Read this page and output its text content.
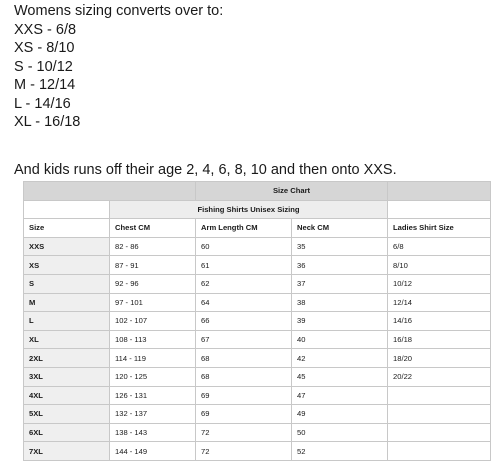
Womens sizing converts over to:
XXS - 6/8
XS - 8/10
S - 10/12
M - 12/14
L - 14/16
XL - 16/18
And kids runs off their age 2, 4, 6, 8, 10 and then onto XXS.
		Size Chart		
	Fishing Shirts Unisex Sizing			
Size	Chest CM	Arm Length CM	Neck CM	Ladies Shirt Size
XXS	82 - 86	60	35	6/8
XS	87 - 91	61	36	8/10
S	92 - 96	62	37	10/12
M	97 - 101	64	38	12/14
L	102 - 107	66	39	14/16
XL	108 - 113	67	40	16/18
2XL	114 - 119	68	42	18/20
3XL	120 - 125	68	45	20/22
4XL	126 - 131	69	47	
5XL	132 - 137	69	49	
6XL	138 - 143	72	50	
7XL	144 - 149	72	52	
